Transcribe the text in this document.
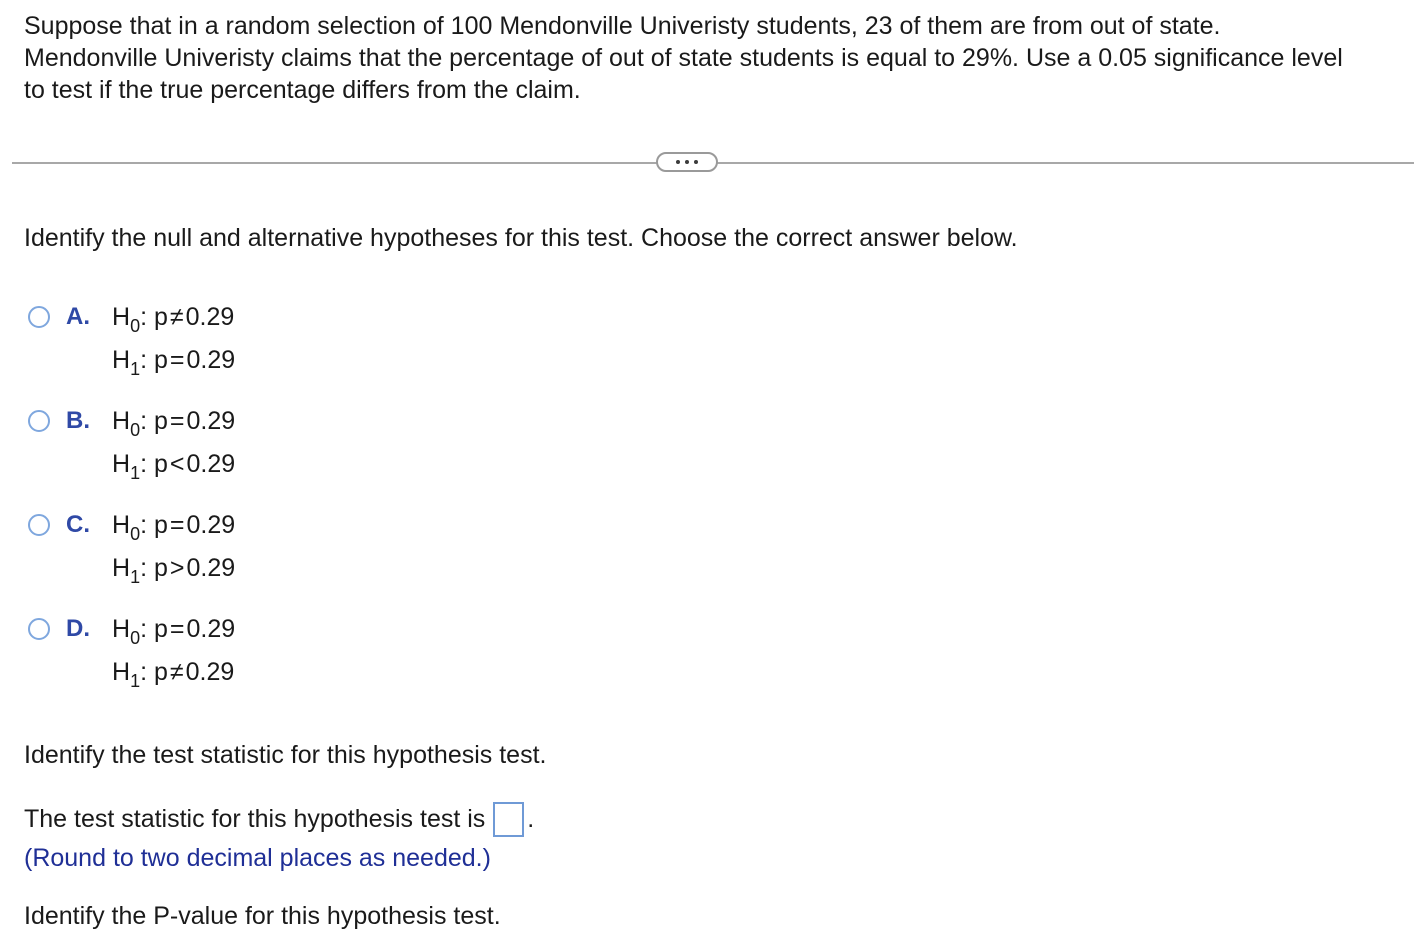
Suppose that in a random selection of 100 Mendonville Univeristy students, 23 of them are from out of state.

Mendonville Univeristy claims that the percentage of out of state students is equal to 29%. Use a 0.05 significance level

to test if the true percentage differs from the claim.

Identify the null and alternative hypotheses for this test. Choose the correct answer below.

A. $H_0$: p≠0.29
$H_1$: p=0.29
B. $H_0$: p=0.29
$H_1$: p<0.29
C. $H_0$: p=0.29
$H_1$: p>0.29
D. $H_0$: p=0.29
$H_1$: p≠0.29

Identify the test statistic for this hypothesis test.

The test statistic for this hypothesis test is .

(Round to two decimal places as needed.)

Identify the P-value for this hypothesis test.
